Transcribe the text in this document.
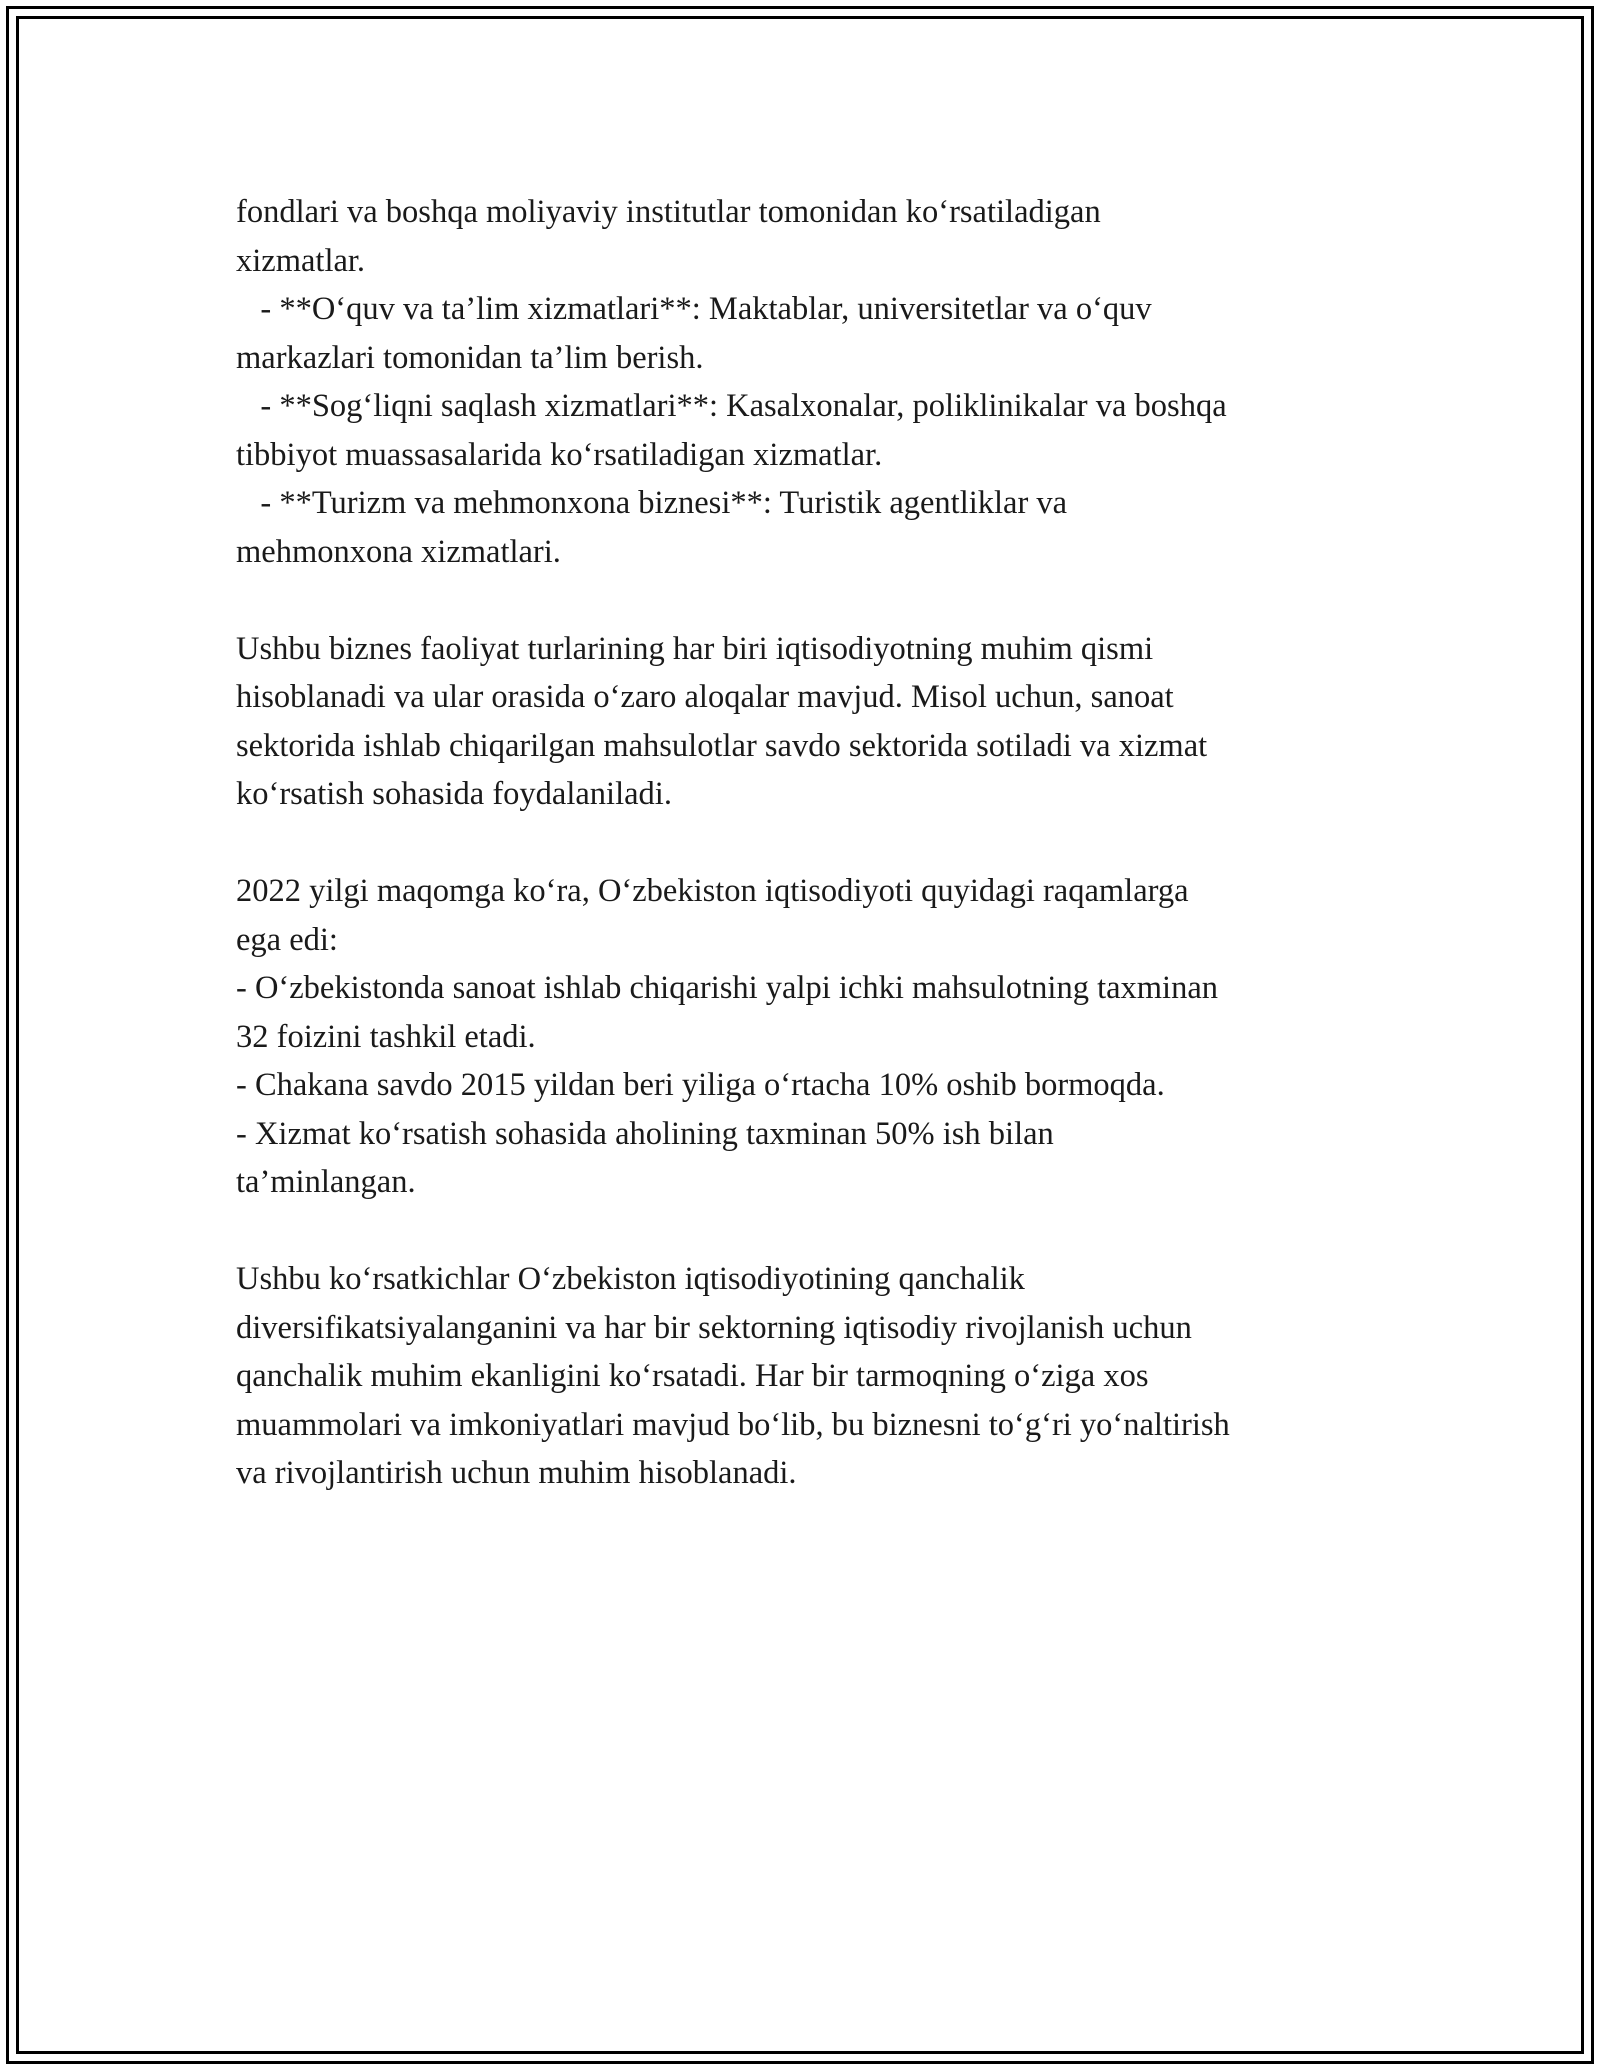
fondlari va boshqa moliyaviy institutlar tomonidan ko‘rsatiladigan
xizmatlar.
- **O‘quv va ta’lim xizmatlari**: Maktablar, universitetlar va o‘quv
markazlari tomonidan ta’lim berish.
- **Sog‘liqni saqlash xizmatlari**: Kasalxonalar, poliklinikalar va boshqa
tibbiyot muassasalarida ko‘rsatiladigan xizmatlar.
- **Turizm va mehmonxona biznesi**: Turistik agentliklar va
mehmonxona xizmatlari.
Ushbu biznes faoliyat turlarining har biri iqtisodiyotning muhim qismi
hisoblanadi va ular orasida o‘zaro aloqalar mavjud. Misol uchun, sanoat
sektorida ishlab chiqarilgan mahsulotlar savdo sektorida sotiladi va xizmat
ko‘rsatish sohasida foydalaniladi.
2022 yilgi maqomga ko‘ra, O‘zbekiston iqtisodiyoti quyidagi raqamlarga
ega edi:
- O‘zbekistonda sanoat ishlab chiqarishi yalpi ichki mahsulotning taxminan
32 foizini tashkil etadi.
- Chakana savdo 2015 yildan beri yiliga o‘rtacha 10% oshib bormoqda.
- Xizmat ko‘rsatish sohasida aholining taxminan 50% ish bilan
ta’minlangan.
Ushbu ko‘rsatkichlar O‘zbekiston iqtisodiyotining qanchalik
diversifikatsiyalanganini va har bir sektorning iqtisodiy rivojlanish uchun
qanchalik muhim ekanligini ko‘rsatadi. Har bir tarmoqning o‘ziga xos
muammolari va imkoniyatlari mavjud bo‘lib, bu biznesni to‘g‘ri yo‘naltirish
va rivojlantirish uchun muhim hisoblanadi.
